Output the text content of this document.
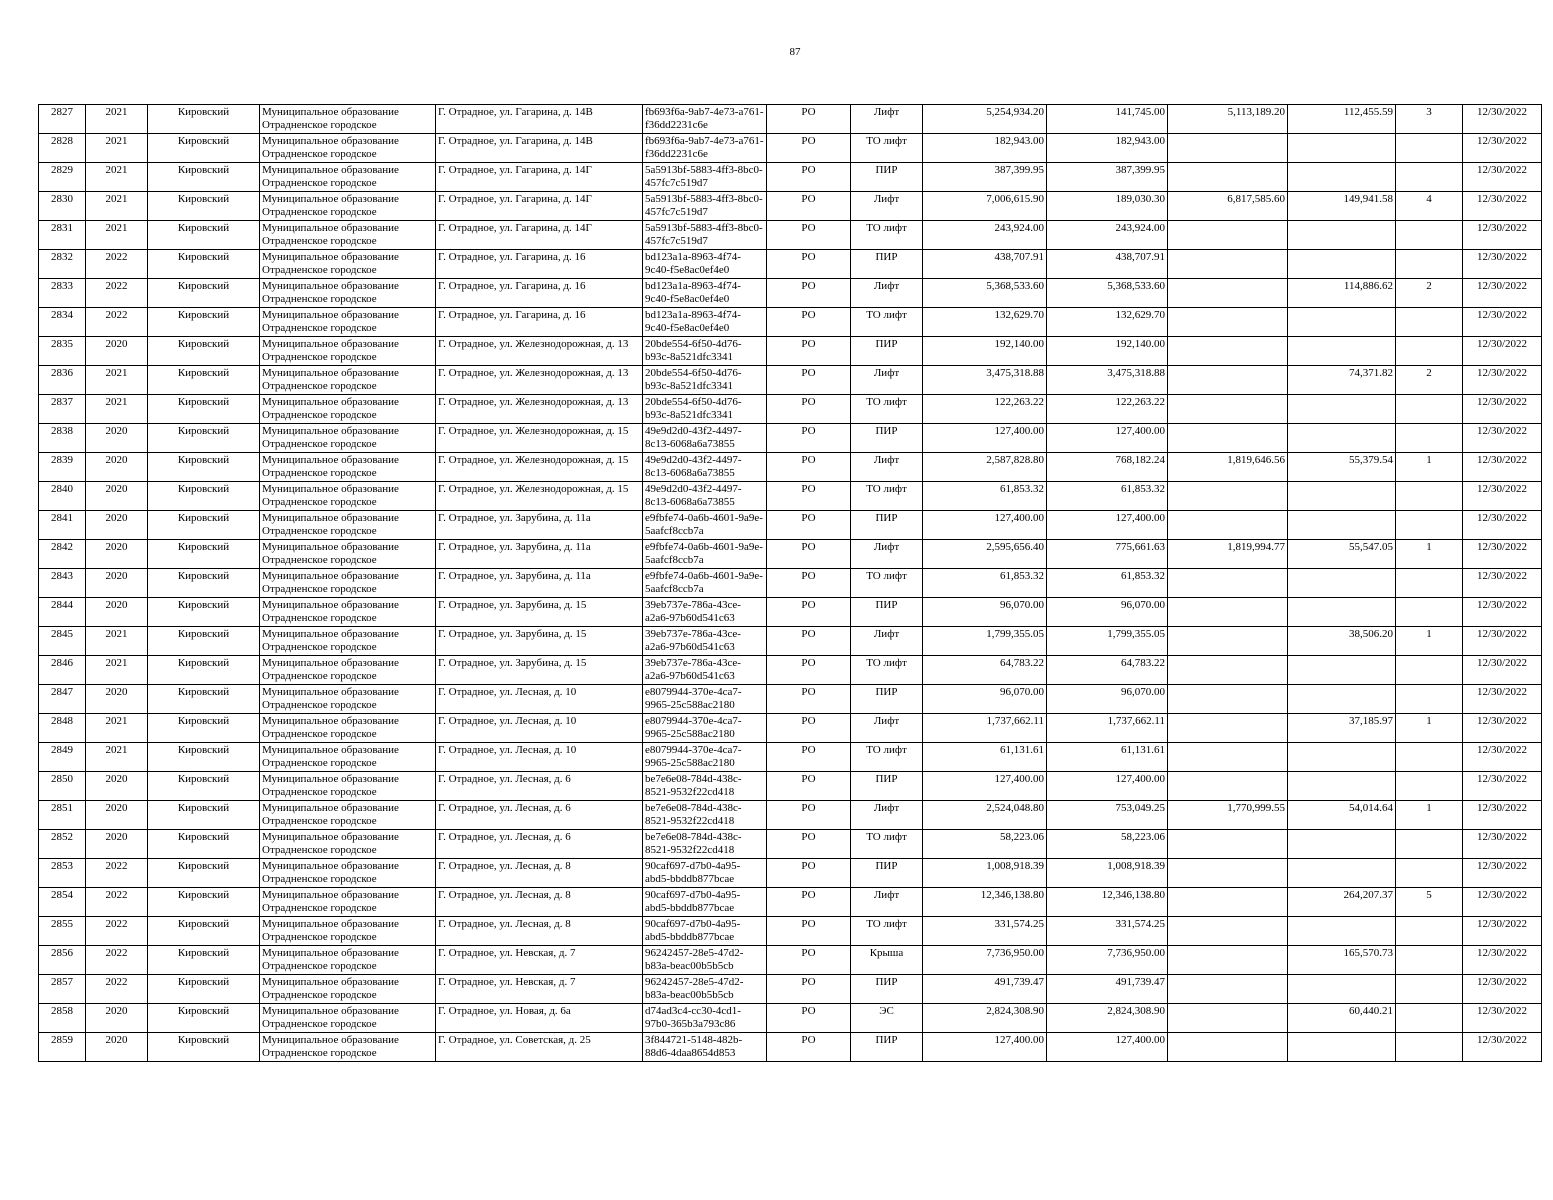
87
2827	2021	Кировский	Муниципальное образование Отрадненское городское	Г. Отрадное, ул. Гагарина, д. 14В	fb693f6a-9ab7-4e73-a761-f36dd2231c6e	РО	Лифт	5,254,934.20	141,745.00	5,113,189.20	112,455.59	3	12/30/2022
2828	2021	Кировский	Муниципальное образование Отрадненское городское	Г. Отрадное, ул. Гагарина, д. 14В	fb693f6a-9ab7-4e73-a761-f36dd2231c6e	РО	ТО лифт	182,943.00	182,943.00				12/30/2022
2829	2021	Кировский	Муниципальное образование Отрадненское городское	Г. Отрадное, ул. Гагарина, д. 14Г	5a5913bf-5883-4ff3-8bc0-457fc7c519d7	РО	ПИР	387,399.95	387,399.95				12/30/2022
2830	2021	Кировский	Муниципальное образование Отрадненское городское	Г. Отрадное, ул. Гагарина, д. 14Г	5a5913bf-5883-4ff3-8bc0-457fc7c519d7	РО	Лифт	7,006,615.90	189,030.30	6,817,585.60	149,941.58	4	12/30/2022
2831	2021	Кировский	Муниципальное образование Отрадненское городское	Г. Отрадное, ул. Гагарина, д. 14Г	5a5913bf-5883-4ff3-8bc0-457fc7c519d7	РО	ТО лифт	243,924.00	243,924.00				12/30/2022
2832	2022	Кировский	Муниципальное образование Отрадненское городское	Г. Отрадное, ул. Гагарина, д. 16	bd123a1a-8963-4f74-9c40-f5e8ac0ef4e0	РО	ПИР	438,707.91	438,707.91				12/30/2022
2833	2022	Кировский	Муниципальное образование Отрадненское городское	Г. Отрадное, ул. Гагарина, д. 16	bd123a1a-8963-4f74-9c40-f5e8ac0ef4e0	РО	Лифт	5,368,533.60	5,368,533.60		114,886.62	2	12/30/2022
2834	2022	Кировский	Муниципальное образование Отрадненское городское	Г. Отрадное, ул. Гагарина, д. 16	bd123a1a-8963-4f74-9c40-f5e8ac0ef4e0	РО	ТО лифт	132,629.70	132,629.70				12/30/2022
2835	2020	Кировский	Муниципальное образование Отрадненское городское	Г. Отрадное, ул. Железнодорожная, д. 13	20bde554-6f50-4d76-b93c-8a521dfc3341	РО	ПИР	192,140.00	192,140.00				12/30/2022
2836	2021	Кировский	Муниципальное образование Отрадненское городское	Г. Отрадное, ул. Железнодорожная, д. 13	20bde554-6f50-4d76-b93c-8a521dfc3341	РО	Лифт	3,475,318.88	3,475,318.88		74,371.82	2	12/30/2022
2837	2021	Кировский	Муниципальное образование Отрадненское городское	Г. Отрадное, ул. Железнодорожная, д. 13	20bde554-6f50-4d76-b93c-8a521dfc3341	РО	ТО лифт	122,263.22	122,263.22				12/30/2022
2838	2020	Кировский	Муниципальное образование Отрадненское городское	Г. Отрадное, ул. Железнодорожная, д. 15	49e9d2d0-43f2-4497-8c13-6068a6a73855	РО	ПИР	127,400.00	127,400.00				12/30/2022
2839	2020	Кировский	Муниципальное образование Отрадненское городское	Г. Отрадное, ул. Железнодорожная, д. 15	49e9d2d0-43f2-4497-8c13-6068a6a73855	РО	Лифт	2,587,828.80	768,182.24	1,819,646.56	55,379.54	1	12/30/2022
2840	2020	Кировский	Муниципальное образование Отрадненское городское	Г. Отрадное, ул. Железнодорожная, д. 15	49e9d2d0-43f2-4497-8c13-6068a6a73855	РО	ТО лифт	61,853.32	61,853.32				12/30/2022
2841	2020	Кировский	Муниципальное образование Отрадненское городское	Г. Отрадное, ул. Зарубина, д. 11а	e9fbfe74-0a6b-4601-9a9e-5aafcf8ccb7a	РО	ПИР	127,400.00	127,400.00				12/30/2022
2842	2020	Кировский	Муниципальное образование Отрадненское городское	Г. Отрадное, ул. Зарубина, д. 11а	e9fbfe74-0a6b-4601-9a9e-5aafcf8ccb7a	РО	Лифт	2,595,656.40	775,661.63	1,819,994.77	55,547.05	1	12/30/2022
2843	2020	Кировский	Муниципальное образование Отрадненское городское	Г. Отрадное, ул. Зарубина, д. 11а	e9fbfe74-0a6b-4601-9a9e-5aafcf8ccb7a	РО	ТО лифт	61,853.32	61,853.32				12/30/2022
2844	2020	Кировский	Муниципальное образование Отрадненское городское	Г. Отрадное, ул. Зарубина, д. 15	39eb737e-786a-43ce-a2a6-97b60d541c63	РО	ПИР	96,070.00	96,070.00				12/30/2022
2845	2021	Кировский	Муниципальное образование Отрадненское городское	Г. Отрадное, ул. Зарубина, д. 15	39eb737e-786a-43ce-a2a6-97b60d541c63	РО	Лифт	1,799,355.05	1,799,355.05		38,506.20	1	12/30/2022
2846	2021	Кировский	Муниципальное образование Отрадненское городское	Г. Отрадное, ул. Зарубина, д. 15	39eb737e-786a-43ce-a2a6-97b60d541c63	РО	ТО лифт	64,783.22	64,783.22				12/30/2022
2847	2020	Кировский	Муниципальное образование Отрадненское городское	Г. Отрадное, ул. Лесная, д. 10	e8079944-370e-4ca7-9965-25c588ac2180	РО	ПИР	96,070.00	96,070.00				12/30/2022
2848	2021	Кировский	Муниципальное образование Отрадненское городское	Г. Отрадное, ул. Лесная, д. 10	e8079944-370e-4ca7-9965-25c588ac2180	РО	Лифт	1,737,662.11	1,737,662.11		37,185.97	1	12/30/2022
2849	2021	Кировский	Муниципальное образование Отрадненское городское	Г. Отрадное, ул. Лесная, д. 10	e8079944-370e-4ca7-9965-25c588ac2180	РО	ТО лифт	61,131.61	61,131.61				12/30/2022
2850	2020	Кировский	Муниципальное образование Отрадненское городское	Г. Отрадное, ул. Лесная, д. 6	be7e6e08-784d-438c-8521-9532f22cd418	РО	ПИР	127,400.00	127,400.00				12/30/2022
2851	2020	Кировский	Муниципальное образование Отрадненское городское	Г. Отрадное, ул. Лесная, д. 6	be7e6e08-784d-438c-8521-9532f22cd418	РО	Лифт	2,524,048.80	753,049.25	1,770,999.55	54,014.64	1	12/30/2022
2852	2020	Кировский	Муниципальное образование Отрадненское городское	Г. Отрадное, ул. Лесная, д. 6	be7e6e08-784d-438c-8521-9532f22cd418	РО	ТО лифт	58,223.06	58,223.06				12/30/2022
2853	2022	Кировский	Муниципальное образование Отрадненское городское	Г. Отрадное, ул. Лесная, д. 8	90caf697-d7b0-4a95-abd5-bbddb877bcae	РО	ПИР	1,008,918.39	1,008,918.39				12/30/2022
2854	2022	Кировский	Муниципальное образование Отрадненское городское	Г. Отрадное, ул. Лесная, д. 8	90caf697-d7b0-4a95-abd5-bbddb877bcae	РО	Лифт	12,346,138.80	12,346,138.80		264,207.37	5	12/30/2022
2855	2022	Кировский	Муниципальное образование Отрадненское городское	Г. Отрадное, ул. Лесная, д. 8	90caf697-d7b0-4a95-abd5-bbddb877bcae	РО	ТО лифт	331,574.25	331,574.25				12/30/2022
2856	2022	Кировский	Муниципальное образование Отрадненское городское	Г. Отрадное, ул. Невская, д. 7	96242457-28e5-47d2-b83a-beac00b5b5cb	РО	Крыша	7,736,950.00	7,736,950.00		165,570.73		12/30/2022
2857	2022	Кировский	Муниципальное образование Отрадненское городское	Г. Отрадное, ул. Невская, д. 7	96242457-28e5-47d2-b83a-beac00b5b5cb	РО	ПИР	491,739.47	491,739.47				12/30/2022
2858	2020	Кировский	Муниципальное образование Отрадненское городское	Г. Отрадное, ул. Новая, д. 6а	d74ad3c4-cc30-4cd1-97b0-365b3a793c86	РО	ЭС	2,824,308.90	2,824,308.90		60,440.21		12/30/2022
2859	2020	Кировский	Муниципальное образование Отрадненское городское	Г. Отрадное, ул. Советская, д. 25	3f844721-5148-482b-88d6-4daa8654d853	РО	ПИР	127,400.00	127,400.00				12/30/2022
